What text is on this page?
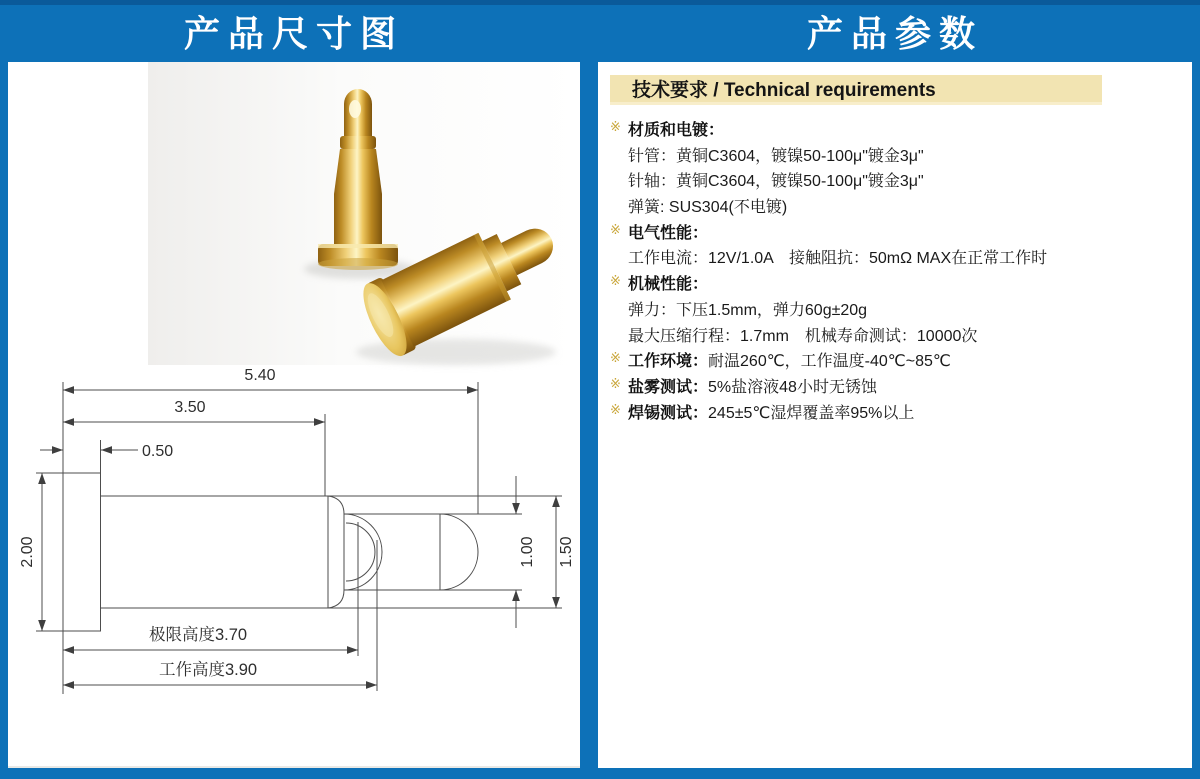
产品尺寸图	产品参数
5.40
3.50
0.50
2.00	1.00 1.50
极限高度3.70
工作高度3.90
技术要求 / Technical requirements
※ 材质和电镀：
针管：黄铜C3604，镀镍50-100μ"镀金3μ"
针轴：黄铜C3604，镀镍50-100μ"镀金3μ"
弹簧: SUS304(不电镀)
※ 电气性能：
工作电流：12V/1.0A　接触阻抗：50mΩ MAX在正常工作时
※ 机械性能：
弹力：下压1.5mm，弹力60g±20g
最大压缩行程：1.7mm　机械寿命测试：10000次
※ 工作环境：耐温260℃，工作温度-40℃~85℃
※ 盐雾测试：5%盐溶液48小时无锈蚀
※ 焊锡测试：245±5℃湿焊覆盖率95%以上
